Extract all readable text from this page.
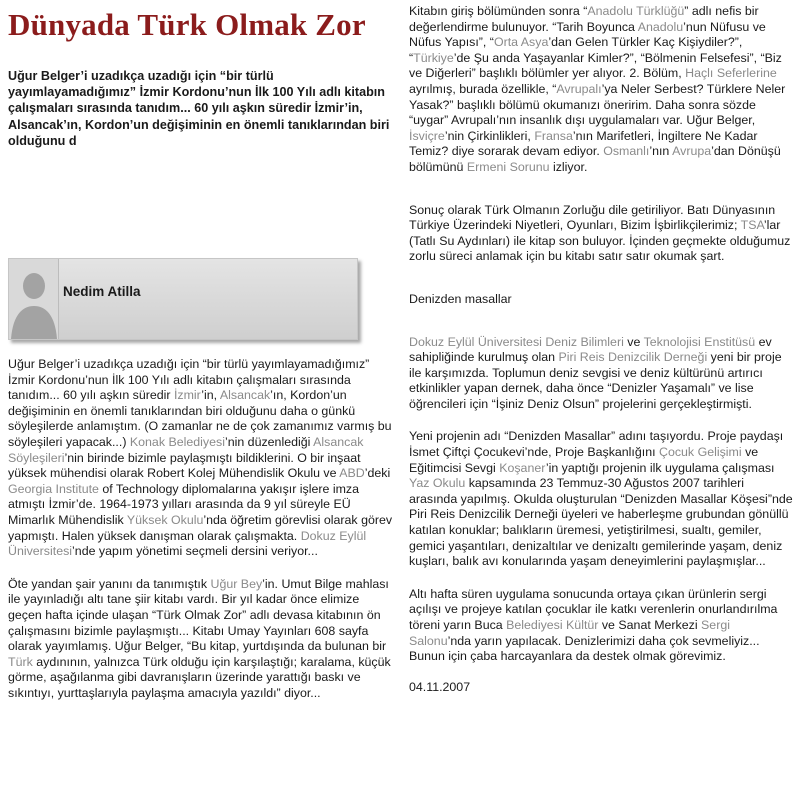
Dünyada Türk Olmak Zor

Uğur Belger’i uzadıkça uzadığı için “bir türlü yayımlayamadığımız” İzmir Kordonu’nun İlk 100 Yılı adlı kitabın çalışmaları sırasında tanıdım... 60 yılı aşkın süredir İzmir’in, Alsancak’ın, Kordon’un değişiminin en önemli tanıklarından biri olduğunu d

Nedim Atilla

Uğur Belger’i uzadıkça uzadığı için “bir türlü yayımlayamadığımız” İzmir Kordonu’nun İlk 100 Yılı adlı kitabın çalışmaları sırasında tanıdım... 60 yılı aşkın süredir İzmir’in, Alsancak’ın, Kordon’un değişiminin en önemli tanıklarından biri olduğunu daha o günkü söyleşilerde anlamıştım. (O zamanlar ne de çok zamanımız varmış bu söyleşileri yapacak...) Konak Belediyesi’nin düzenlediği Alsancak Söyleşileri’nin birinde bizimle paylaşmıştı bildiklerini. O bir inşaat yüksek mühendisi olarak Robert Kolej Mühendislik Okulu ve ABD’deki Georgia Institute of Technology diplomalarına yakışır işlere imza atmıştı İzmir’de. 1964-1973 yılları arasında da 9 yıl süreyle EÜ Mimarlık Mühendislik Yüksek Okulu’nda öğretim görevlisi olarak görev yapmıştı. Halen yüksek danışman olarak çalışmakta. Dokuz Eylül Üniversitesi’nde yapım yönetimi seçmeli dersini veriyor...

Öte yandan şair yanını da tanımıştık Uğur Bey’in. Umut Bilge mahlası ile yayınladığı altı tane şiir kitabı vardı. Bir yıl kadar önce elimize geçen hafta içinde ulaşan “Türk Olmak Zor” adlı devasa kitabının ön çalışmasını bizimle paylaşmıştı... Kitabı Umay Yayınları 608 sayfa olarak yayımlamış. Uğur Belger, “Bu kitap, yurtdışında da bulunan bir Türk aydınının, yalnızca Türk olduğu için karşılaştığı; karalama, küçük görme, aşağılanma gibi davranışların üzerinde yarattığı baskı ve sıkıntıyı, yurttaşlarıyla paylaşma amacıyla yazıldı” diyor...

Kitabın giriş bölümünden sonra “Anadolu Türklüğü” adlı nefis bir değerlendirme bulunuyor. “Tarih Boyunca Anadolu’nun Nüfusu ve Nüfus Yapısı”, “Orta Asya’dan Gelen Türkler Kaç Kişiydiler?”, “Türkiye’de Şu anda Yaşayanlar Kimler?”, “Bölmenin Felsefesi”, “Biz ve Diğerleri” başlıklı bölümler yer alıyor. 2. Bölüm, Haçlı Seferlerine ayrılmış, burada özellikle, “Avrupalı’ya Neler Serbest? Türklere Neler Yasak?” başlıklı bölümü okumanızı öneririm. Daha sonra sözde “uygar” Avrupalı’nın insanlık dışı uygulamaları var. Uğur Belger, İsviçre’nin Çirkinlikleri, Fransa’nın Marifetleri, İngiltere Ne Kadar Temiz? diye sorarak devam ediyor. Osmanlı’nın Avrupa’dan Dönüşü bölümünü Ermeni Sorunu izliyor.

Sonuç olarak Türk Olmanın Zorluğu dile getiriliyor. Batı Dünyasının Türkiye Üzerindeki Niyetleri, Oyunları, Bizim İşbirlikçilerimiz; TSA’lar (Tatlı Su Aydınları) ile kitap son buluyor. İçinden geçmekte olduğumuz zorlu süreci anlamak için bu kitabı satır satır okumak şart.

Denizden masallar

Dokuz Eylül Üniversitesi Deniz Bilimleri ve Teknolojisi Enstitüsü ev sahipliğinde kurulmuş olan Piri Reis Denizcilik Derneği yeni bir proje ile karşımızda. Toplumun deniz sevgisi ve deniz kültürünü artırıcı etkinlikler yapan dernek, daha önce “Denizler Yaşamalı” ve lise öğrencileri için “İşiniz Deniz Olsun” projelerini gerçekleştirmişti.

Yeni projenin adı “Denizden Masallar” adını taşıyordu. Proje paydaşı İsmet Çiftçi Çocukevi’nde, Proje Başkanlığını Çocuk Gelişimi ve Eğitimcisi Sevgi Koşaner’in yaptığı projenin ilk uygulama çalışması Yaz Okulu kapsamında 23 Temmuz-30 Ağustos 2007 tarihleri arasında yapılmış. Okulda oluşturulan “Denizden Masallar Köşesi”nde Piri Reis Denizcilik Derneği üyeleri ve haberleşme grubundan gönüllü katılan konuklar; balıkların üremesi, yetiştirilmesi, sualtı, gemiler, gemici yaşantıları, denizaltılar ve denizaltı gemilerinde yaşam, deniz kuşları, balık avı konularında yaşam deneyimlerini paylaşmışlar...

Altı hafta süren uygulama sonucunda ortaya çıkan ürünlerin sergi açılışı ve projeye katılan çocuklar ile katkı verenlerin onurlandırılma töreni yarın Buca Belediyesi Kültür ve Sanat Merkezi Sergi Salonu’nda yarın yapılacak. Denizlerimizi daha çok sevmeliyiz... Bunun için çaba harcayanlara da destek olmak görevimiz.

04.11.2007
